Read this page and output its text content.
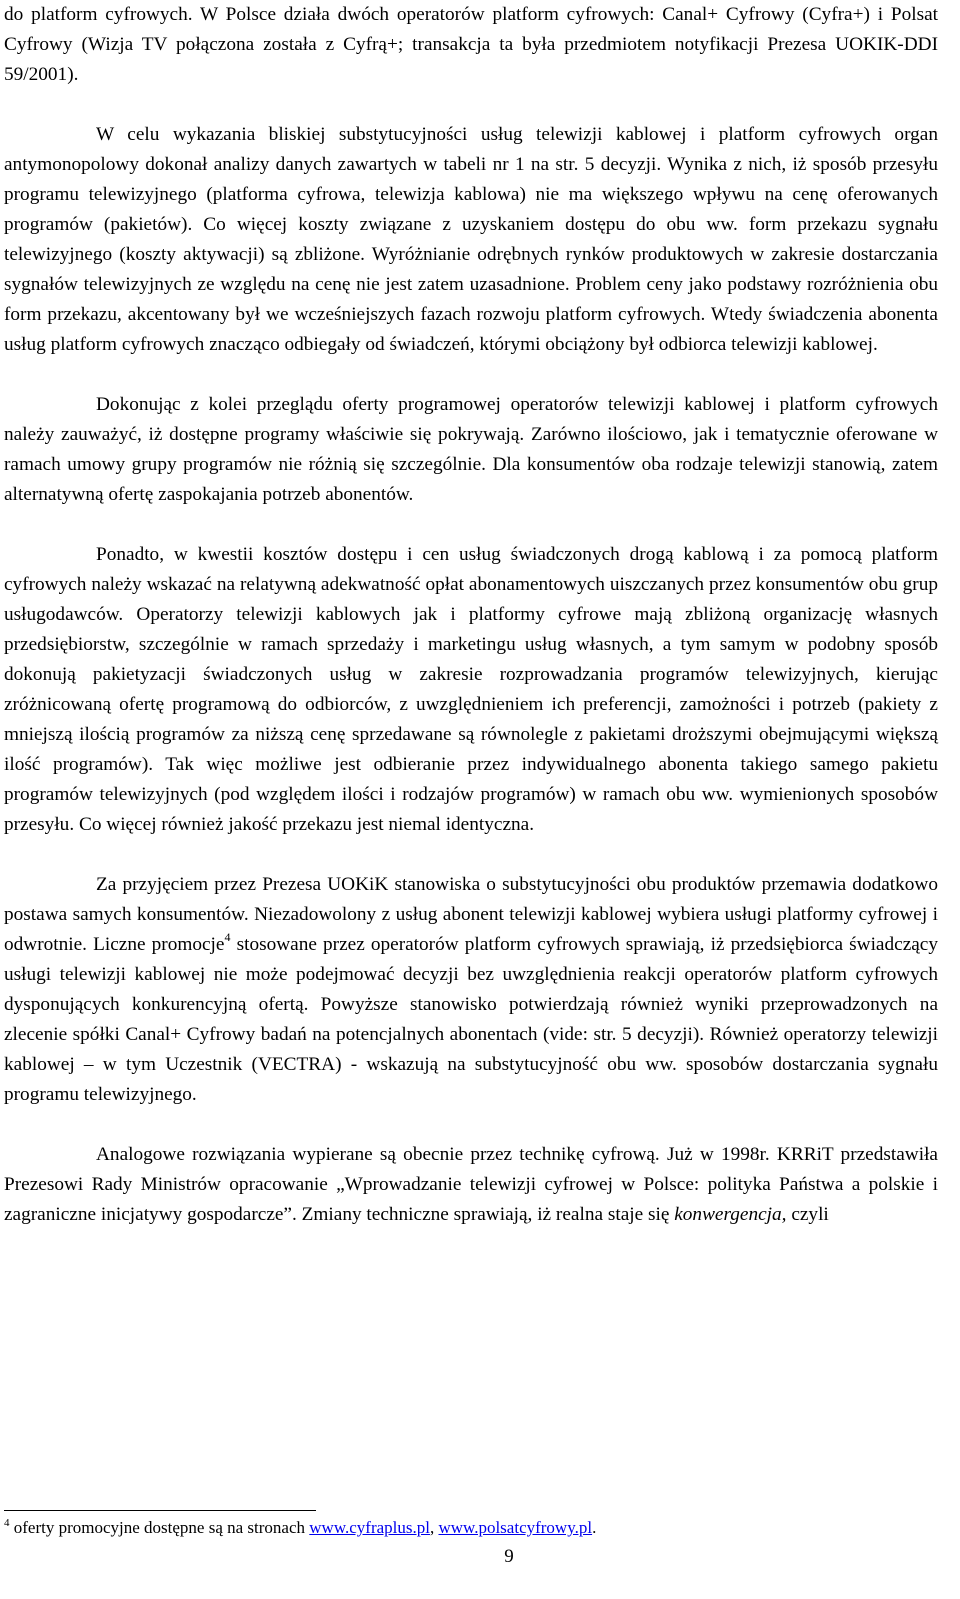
do platform cyfrowych. W Polsce działa dwóch operatorów platform cyfrowych: Canal+ Cyfrowy (Cyfra+) i Polsat Cyfrowy (Wizja TV połączona została z Cyfrą+; transakcja ta była przedmiotem notyfikacji Prezesa UOKIK-DDI 59/2001).

W celu wykazania bliskiej substytucyjności usług telewizji kablowej i platform cyfrowych organ antymonopolowy dokonał analizy danych zawartych w tabeli nr 1 na str. 5 decyzji. Wynika z nich, iż sposób przesyłu programu telewizyjnego (platforma cyfrowa, telewizja kablowa) nie ma większego wpływu na cenę oferowanych programów (pakietów). Co więcej koszty związane z uzyskaniem dostępu do obu ww. form przekazu sygnału telewizyjnego (koszty aktywacji) są zbliżone. Wyróżnianie odrębnych rynków produktowych w zakresie dostarczania sygnałów telewizyjnych ze względu na cenę nie jest zatem uzasadnione. Problem ceny jako podstawy rozróżnienia obu form przekazu, akcentowany był we wcześniejszych fazach rozwoju platform cyfrowych. Wtedy świadczenia abonenta usług platform cyfrowych znacząco odbiegały od świadczeń, którymi obciążony był odbiorca telewizji kablowej.

Dokonując z kolei przeglądu oferty programowej operatorów telewizji kablowej i platform cyfrowych należy zauważyć, iż dostępne programy właściwie się pokrywają. Zarówno ilościowo, jak i tematycznie oferowane w ramach umowy grupy programów nie różnią się szczególnie. Dla konsumentów oba rodzaje telewizji stanowią, zatem alternatywną ofertę zaspokajania potrzeb abonentów.

Ponadto, w kwestii kosztów dostępu i cen usług świadczonych drogą kablową i za pomocą platform cyfrowych należy wskazać na relatywną adekwatność opłat abonamentowych uiszczanych przez konsumentów obu grup usługodawców. Operatorzy telewizji kablowych jak i platformy cyfrowe mają zbliżoną organizację własnych przedsiębiorstw, szczególnie w ramach sprzedaży i marketingu usług własnych, a tym samym w podobny sposób dokonują pakietyzacji świadczonych usług w zakresie rozprowadzania programów telewizyjnych, kierując zróżnicowaną ofertę programową do odbiorców, z uwzględnieniem ich preferencji, zamożności i potrzeb (pakiety z mniejszą ilością programów za niższą cenę sprzedawane są równolegle z pakietami droższymi obejmującymi większą ilość programów). Tak więc możliwe jest odbieranie przez indywidualnego abonenta takiego samego pakietu programów telewizyjnych (pod względem ilości i rodzajów programów) w ramach obu ww. wymienionych sposobów przesyłu. Co więcej również jakość przekazu jest niemal identyczna.

Za przyjęciem przez Prezesa UOKiK stanowiska o substytucyjności obu produktów przemawia dodatkowo postawa samych konsumentów. Niezadowolony z usług abonent telewizji kablowej wybiera usługi platformy cyfrowej i odwrotnie. Liczne promocje$^4$ stosowane przez operatorów platform cyfrowych sprawiają, iż przedsiębiorca świadczący usługi telewizji kablowej nie może podejmować decyzji bez uwzględnienia reakcji operatorów platform cyfrowych dysponujących konkurencyjną ofertą. Powyższe stanowisko potwierdzają również wyniki przeprowadzonych na zlecenie spółki Canal+ Cyfrowy badań na potencjalnych abonentach (vide: str. 5 decyzji). Również operatorzy telewizji kablowej – w tym Uczestnik (VECTRA) - wskazują na substytucyjność obu ww. sposobów dostarczania sygnału programu telewizyjnego.

Analogowe rozwiązania wypierane są obecnie przez technikę cyfrową. Już w 1998r. KRRiT przedstawiła Prezesowi Rady Ministrów opracowanie „Wprowadzanie telewizji cyfrowej w Polsce: polityka Państwa a polskie i zagraniczne inicjatywy gospodarcze”. Zmiany techniczne sprawiają, iż realna staje się konwergencja, czyli

$^4$ oferty promocyjne dostępne są na stronach www.cyfraplus.pl, www.polsatcyfrowy.pl.
9
